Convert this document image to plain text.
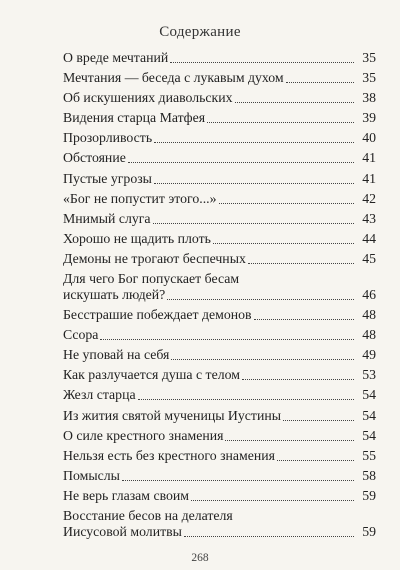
Содержание
О вреде мечтаний	35
Мечтания — беседа с лукавым духом	35
Об искушениях диавольских	38
Видения старца Матфея	39
Прозорливость	40
Обстояние	41
Пустые угрозы	41
«Бог не попустит этого...»	42
Мнимый слуга	43
Хорошо не щадить плоть	44
Демоны не трогают беспечных	45
Для чего Бог попускает бесам
искушать людей?	46
Бесстрашие побеждает демонов	48
Ссора	48
Не уповай на себя	49
Как разлучается душа с телом	53
Жезл старца	54
Из жития святой мученицы Иустины	54
О силе крестного знамения	54
Нельзя есть без крестного знамения	55
Помыслы	58
Не верь глазам своим	59
Восстание бесов на делателя
Иисусовой молитвы	59
268
